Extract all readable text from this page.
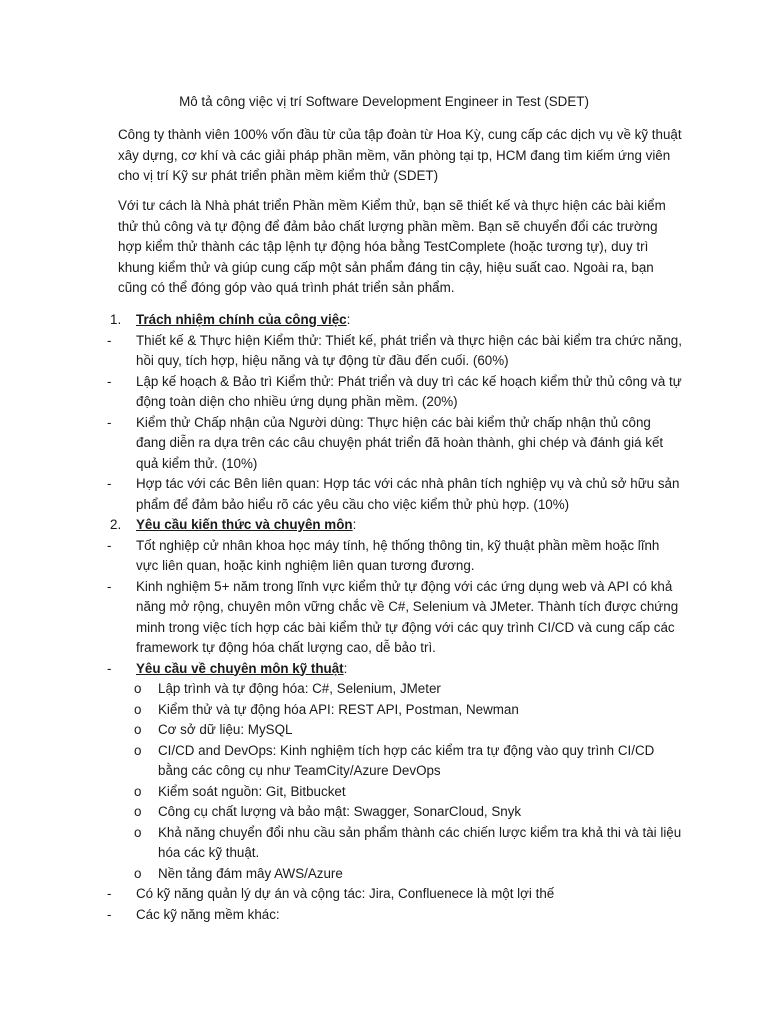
Mô tả công việc vị trí Software Development Engineer in Test (SDET)
Công ty thành viên 100% vốn đầu từ của tập đoàn từ Hoa Kỳ, cung cấp các dịch vụ về kỹ thuật xây dựng, cơ khí và các giải pháp phần mềm, văn phòng tại tp, HCM đang tìm kiếm ứng viên cho vị trí Kỹ sư phát triển phần mềm kiểm thử (SDET)
Với tư cách là Nhà phát triển Phần mềm Kiểm thử, bạn sẽ thiết kế và thực hiện các bài kiểm thử thủ công và tự động để đảm bảo chất lượng phần mềm. Bạn sẽ chuyển đổi các trường hợp kiểm thử thành các tập lệnh tự động hóa bằng TestComplete (hoặc tương tự), duy trì khung kiểm thử và giúp cung cấp một sản phẩm đáng tin cậy, hiệu suất cao. Ngoài ra, bạn cũng có thể đóng góp vào quá trình phát triển sản phẩm.
1.	Trách nhiệm chính của công việc:
-	Thiết kế & Thực hiện Kiểm thử: Thiết kế, phát triển và thực hiện các bài kiểm tra chức năng, hồi quy, tích hợp, hiệu năng và tự động từ đầu đến cuối. (60%)
-	Lập kế hoạch & Bảo trì Kiểm thử: Phát triển và duy trì các kế hoạch kiểm thử thủ công và tự động toàn diện cho nhiều ứng dụng phần mềm. (20%)
-	Kiểm thử Chấp nhận của Người dùng: Thực hiện các bài kiểm thử chấp nhận thủ công đang diễn ra dựa trên các câu chuyện phát triển đã hoàn thành, ghi chép và đánh giá kết quả kiểm thử. (10%)
-	Hợp tác với các Bên liên quan: Hợp tác với các nhà phân tích nghiệp vụ và chủ sở hữu sản phẩm để đảm bảo hiểu rõ các yêu cầu cho việc kiểm thử phù hợp. (10%)
2.	Yêu cầu kiến thức và chuyên môn:
-	Tốt nghiệp cử nhân khoa học máy tính, hệ thống thông tin, kỹ thuật phần mềm hoặc lĩnh vực liên quan, hoặc kinh nghiệm liên quan tương đương.
-	Kinh nghiệm 5+ năm trong lĩnh vực kiểm thử tự động với các ứng dụng web và API có khả năng mở rộng, chuyên môn vững chắc về C#, Selenium và JMeter. Thành tích được chứng minh trong việc tích hợp các bài kiểm thử tự động với các quy trình CI/CD và cung cấp các framework tự động hóa chất lượng cao, dễ bảo trì.
-	Yêu cầu về chuyên môn kỹ thuật:
o	Lập trình và tự động hóa: C#, Selenium, JMeter
o	Kiểm thử và tự động hóa API: REST API, Postman, Newman
o	Cơ sở dữ liệu: MySQL
o	CI/CD and DevOps: Kinh nghiệm tích hợp các kiểm tra tự động vào quy trình CI/CD bằng các công cụ như TeamCity/Azure DevOps
o	Kiểm soát nguồn: Git, Bitbucket
o	Công cụ chất lượng và bảo mật: Swagger, SonarCloud, Snyk
o	Khả năng chuyển đổi nhu cầu sản phẩm thành các chiến lược kiểm tra khả thi và tài liệu hóa các kỹ thuật.
o	Nền tảng đám mây AWS/Azure
-	Có kỹ năng quản lý dự án và cộng tác: Jira, Confluenece là một lợi thế
-	Các kỹ năng mềm khác:
